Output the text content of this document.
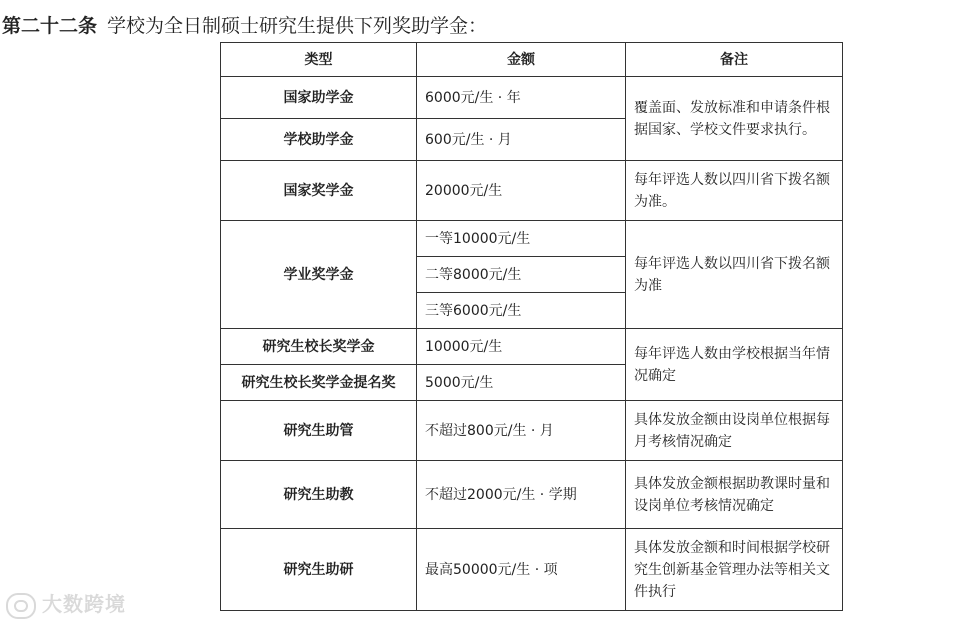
第二十二条 学校为全日制硕士研究生提供下列奖助学金：
类型	金额	备注
国家助学金	6000元/生 · 年	覆盖面、发放标准和申请条件根据国家、学校文件要求执行。

学校助学金	600元/生 · 月	
国家奖学金	20000元/生	每年评选人数以四川省下拨名额为准。

学业奖学金	一等10000元/生	每年评选人数以四川省下拨名额为准

	二等8000元/生	
	三等6000元/生	
研究生校长奖学金	10000元/生	每年评选人数由学校根据当年情况确定

研究生校长奖学金提名奖	5000元/生	
研究生助管	不超过800元/生 · 月	具体发放金额由设岗单位根据每月考核情况确定

研究生助教	不超过2000元/生 · 学期	具体发放金额根据助教课时量和设岗单位考核情况确定

研究生助研	最高50000元/生 · 项	具体发放金额和时间根据学校研究生创新基金管理办法等相关文件执行
大数跨境
